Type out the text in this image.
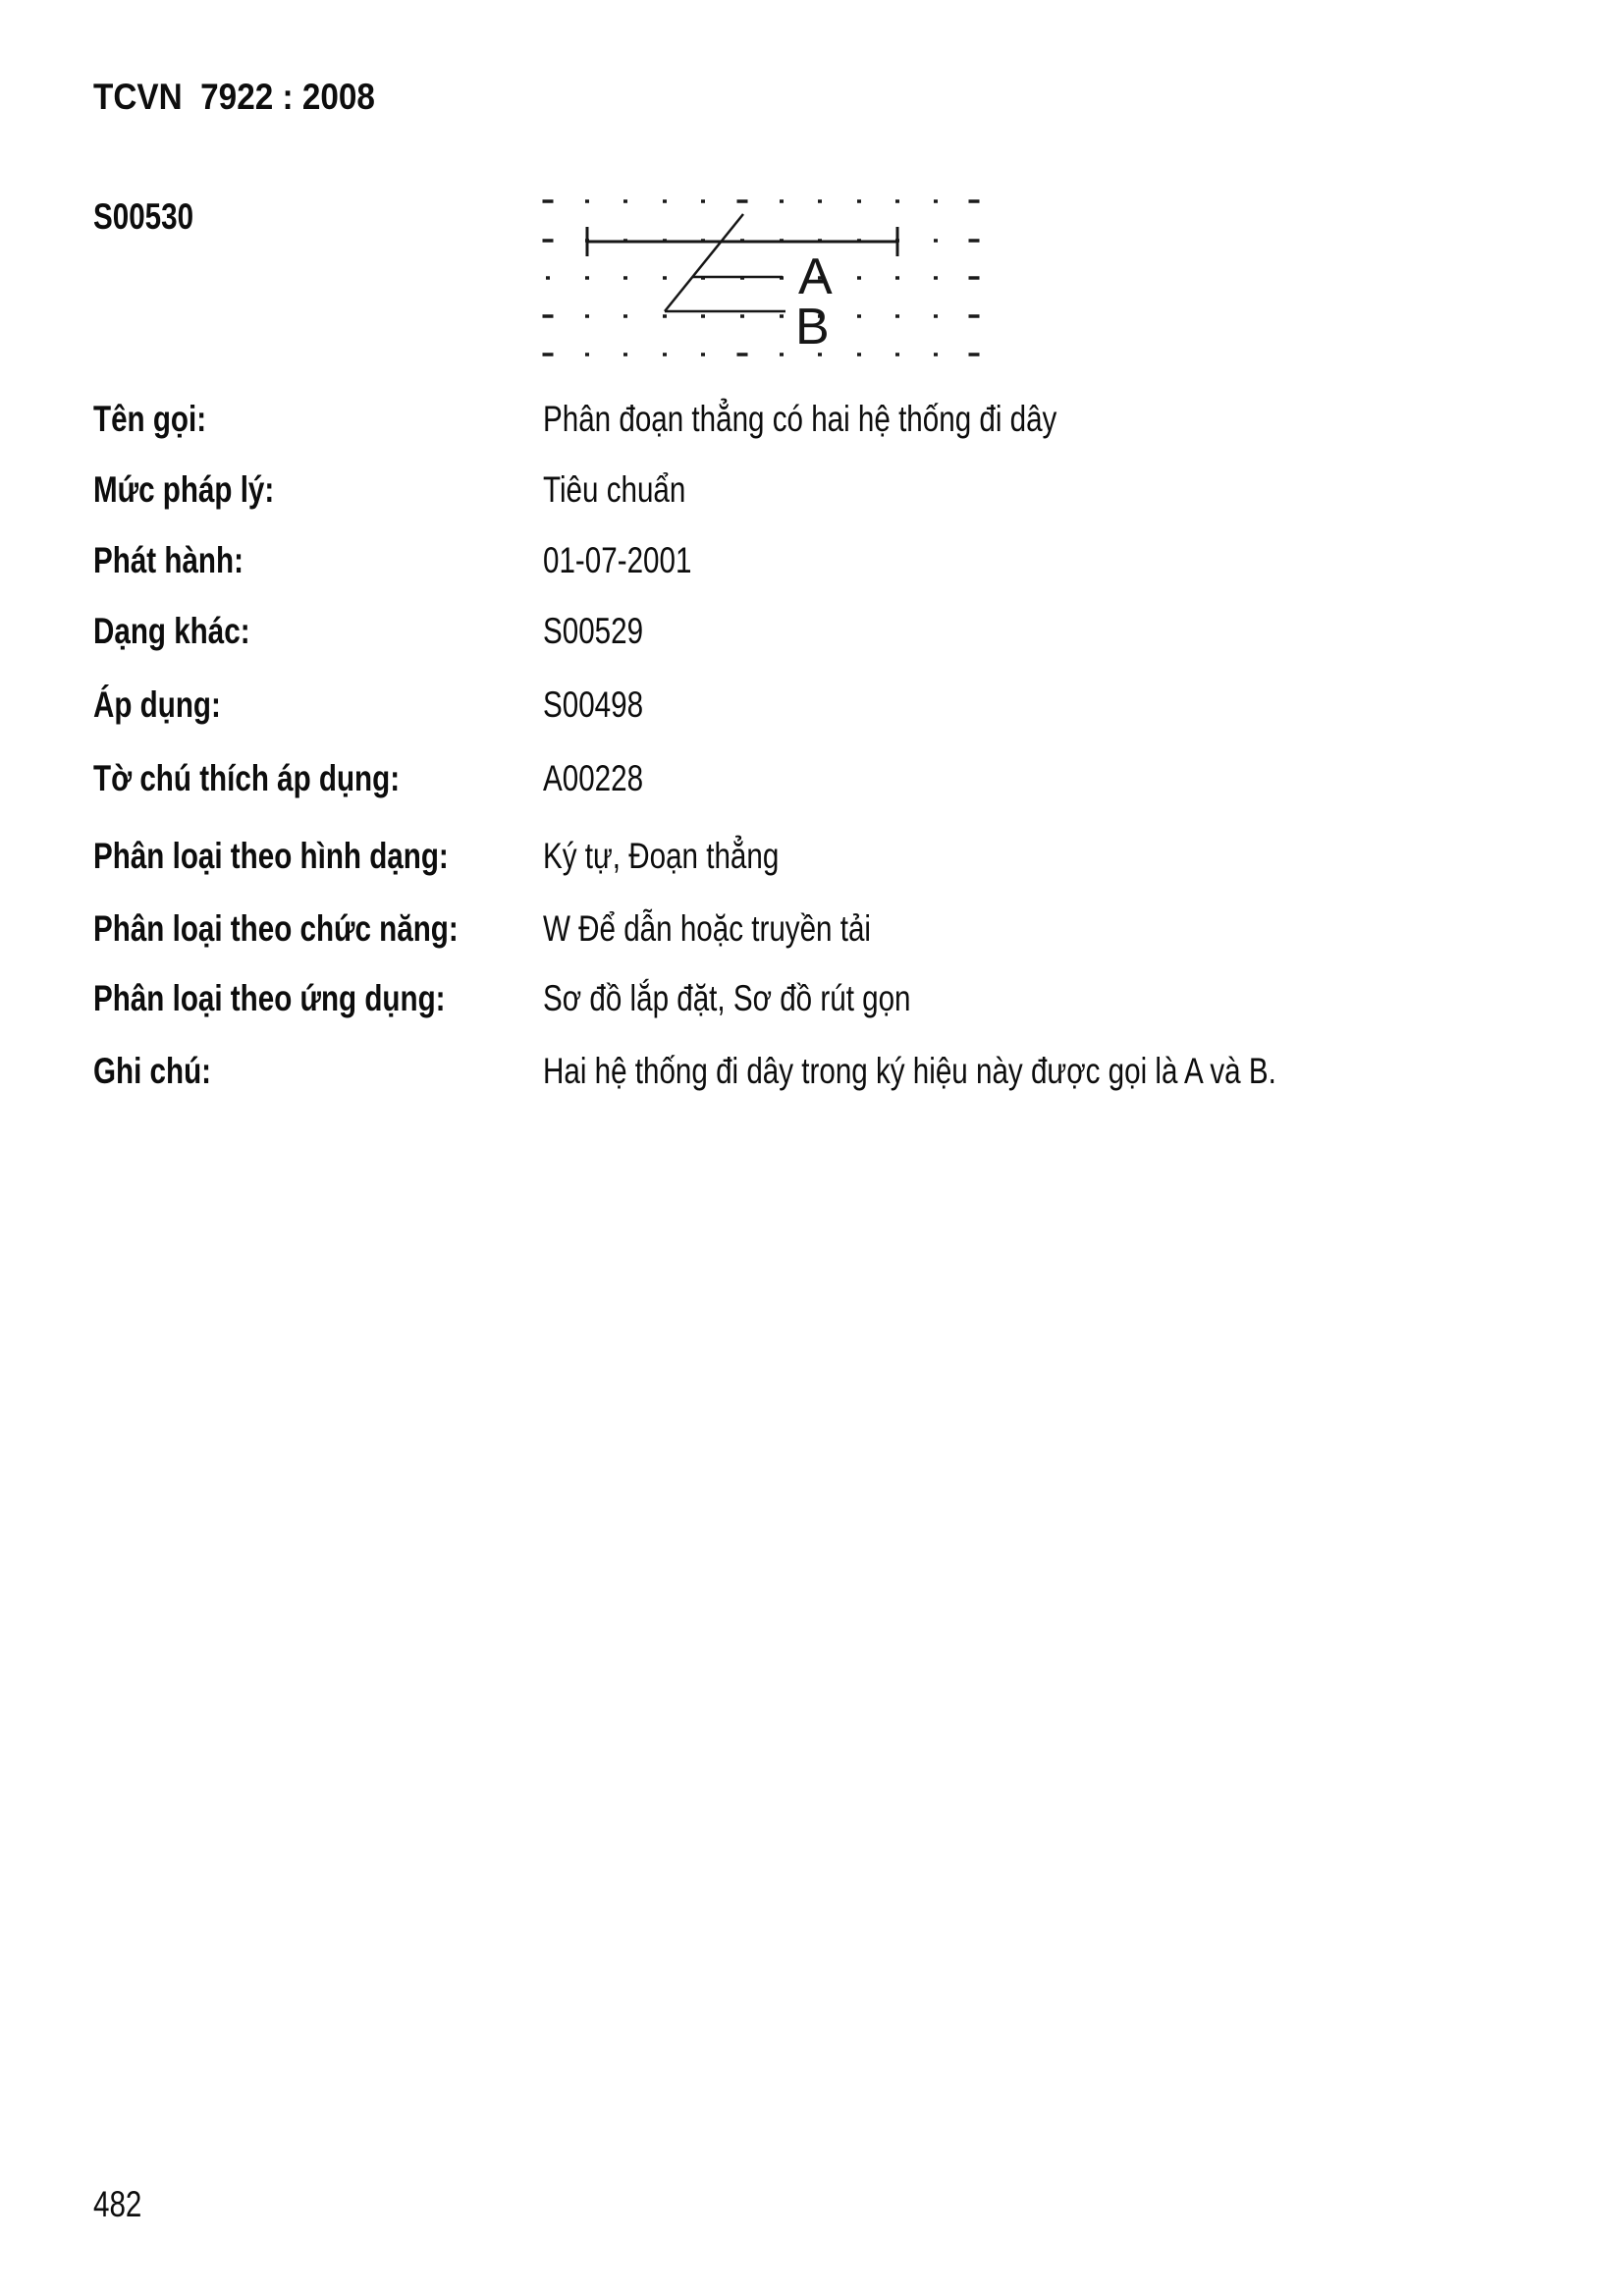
TCVN  7922 : 2008
S00530
A
B
Tên gọi:	Phân đoạn thẳng có hai hệ thống đi dây
Mức pháp lý:	Tiêu chuẩn
Phát hành:	01-07-2001
Dạng khác:	S00529
Áp dụng:	S00498
Tờ chú thích áp dụng:	A00228
Phân loại theo hình dạng:	Ký tự, Đoạn thẳng
Phân loại theo chức năng:	W Để dẫn hoặc truyền tải
Phân loại theo ứng dụng:	Sơ đồ lắp đặt, Sơ đồ rút gọn
Ghi chú:	Hai hệ thống đi dây trong ký hiệu này được gọi là A và B.
482
